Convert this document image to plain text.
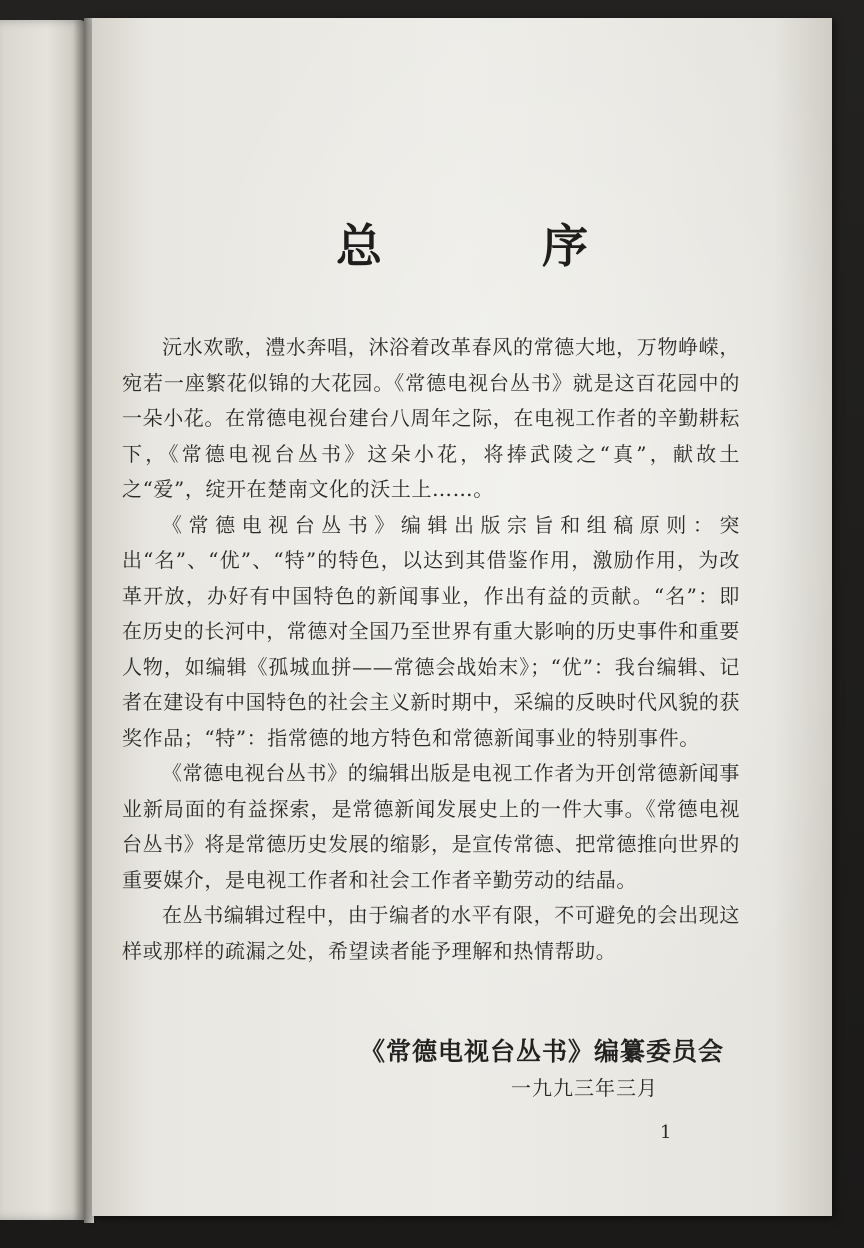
总 序

沅水欢歌，澧水奔唱，沐浴着改革春风的常德大地，万物峥嵘，宛若一座繁花似锦的大花园。《常德电视台丛书》就是这百花园中的一朵小花。在常德电视台建台八周年之际，在电视工作者的辛勤耕耘下，《常德电视台丛书》这朵小花，将捧武陵之“真”，献故土之“爱”，绽开在楚南文化的沃土上……。

《常德电视台丛书》编辑出版宗旨和组稿原则：突出“名”、“优”、“特”的特色，以达到其借鉴作用，激励作用，为改革开放，办好有中国特色的新闻事业，作出有益的贡献。“名”：即在历史的长河中，常德对全国乃至世界有重大影响的历史事件和重要人物，如编辑《孤城血拼——常德会战始末》；“优”：我台编辑、记者在建设有中国特色的社会主义新时期中，采编的反映时代风貌的获奖作品；“特”：指常德的地方特色和常德新闻事业的特别事件。

《常德电视台丛书》的编辑出版是电视工作者为开创常德新闻事业新局面的有益探索，是常德新闻发展史上的一件大事。《常德电视台丛书》将是常德历史发展的缩影，是宣传常德、把常德推向世界的重要媒介，是电视工作者和社会工作者辛勤劳动的结晶。

在丛书编辑过程中，由于编者的水平有限，不可避免的会出现这样或那样的疏漏之处，希望读者能予理解和热情帮助。

《常德电视台丛书》编纂委员会
一九九三年三月
1
